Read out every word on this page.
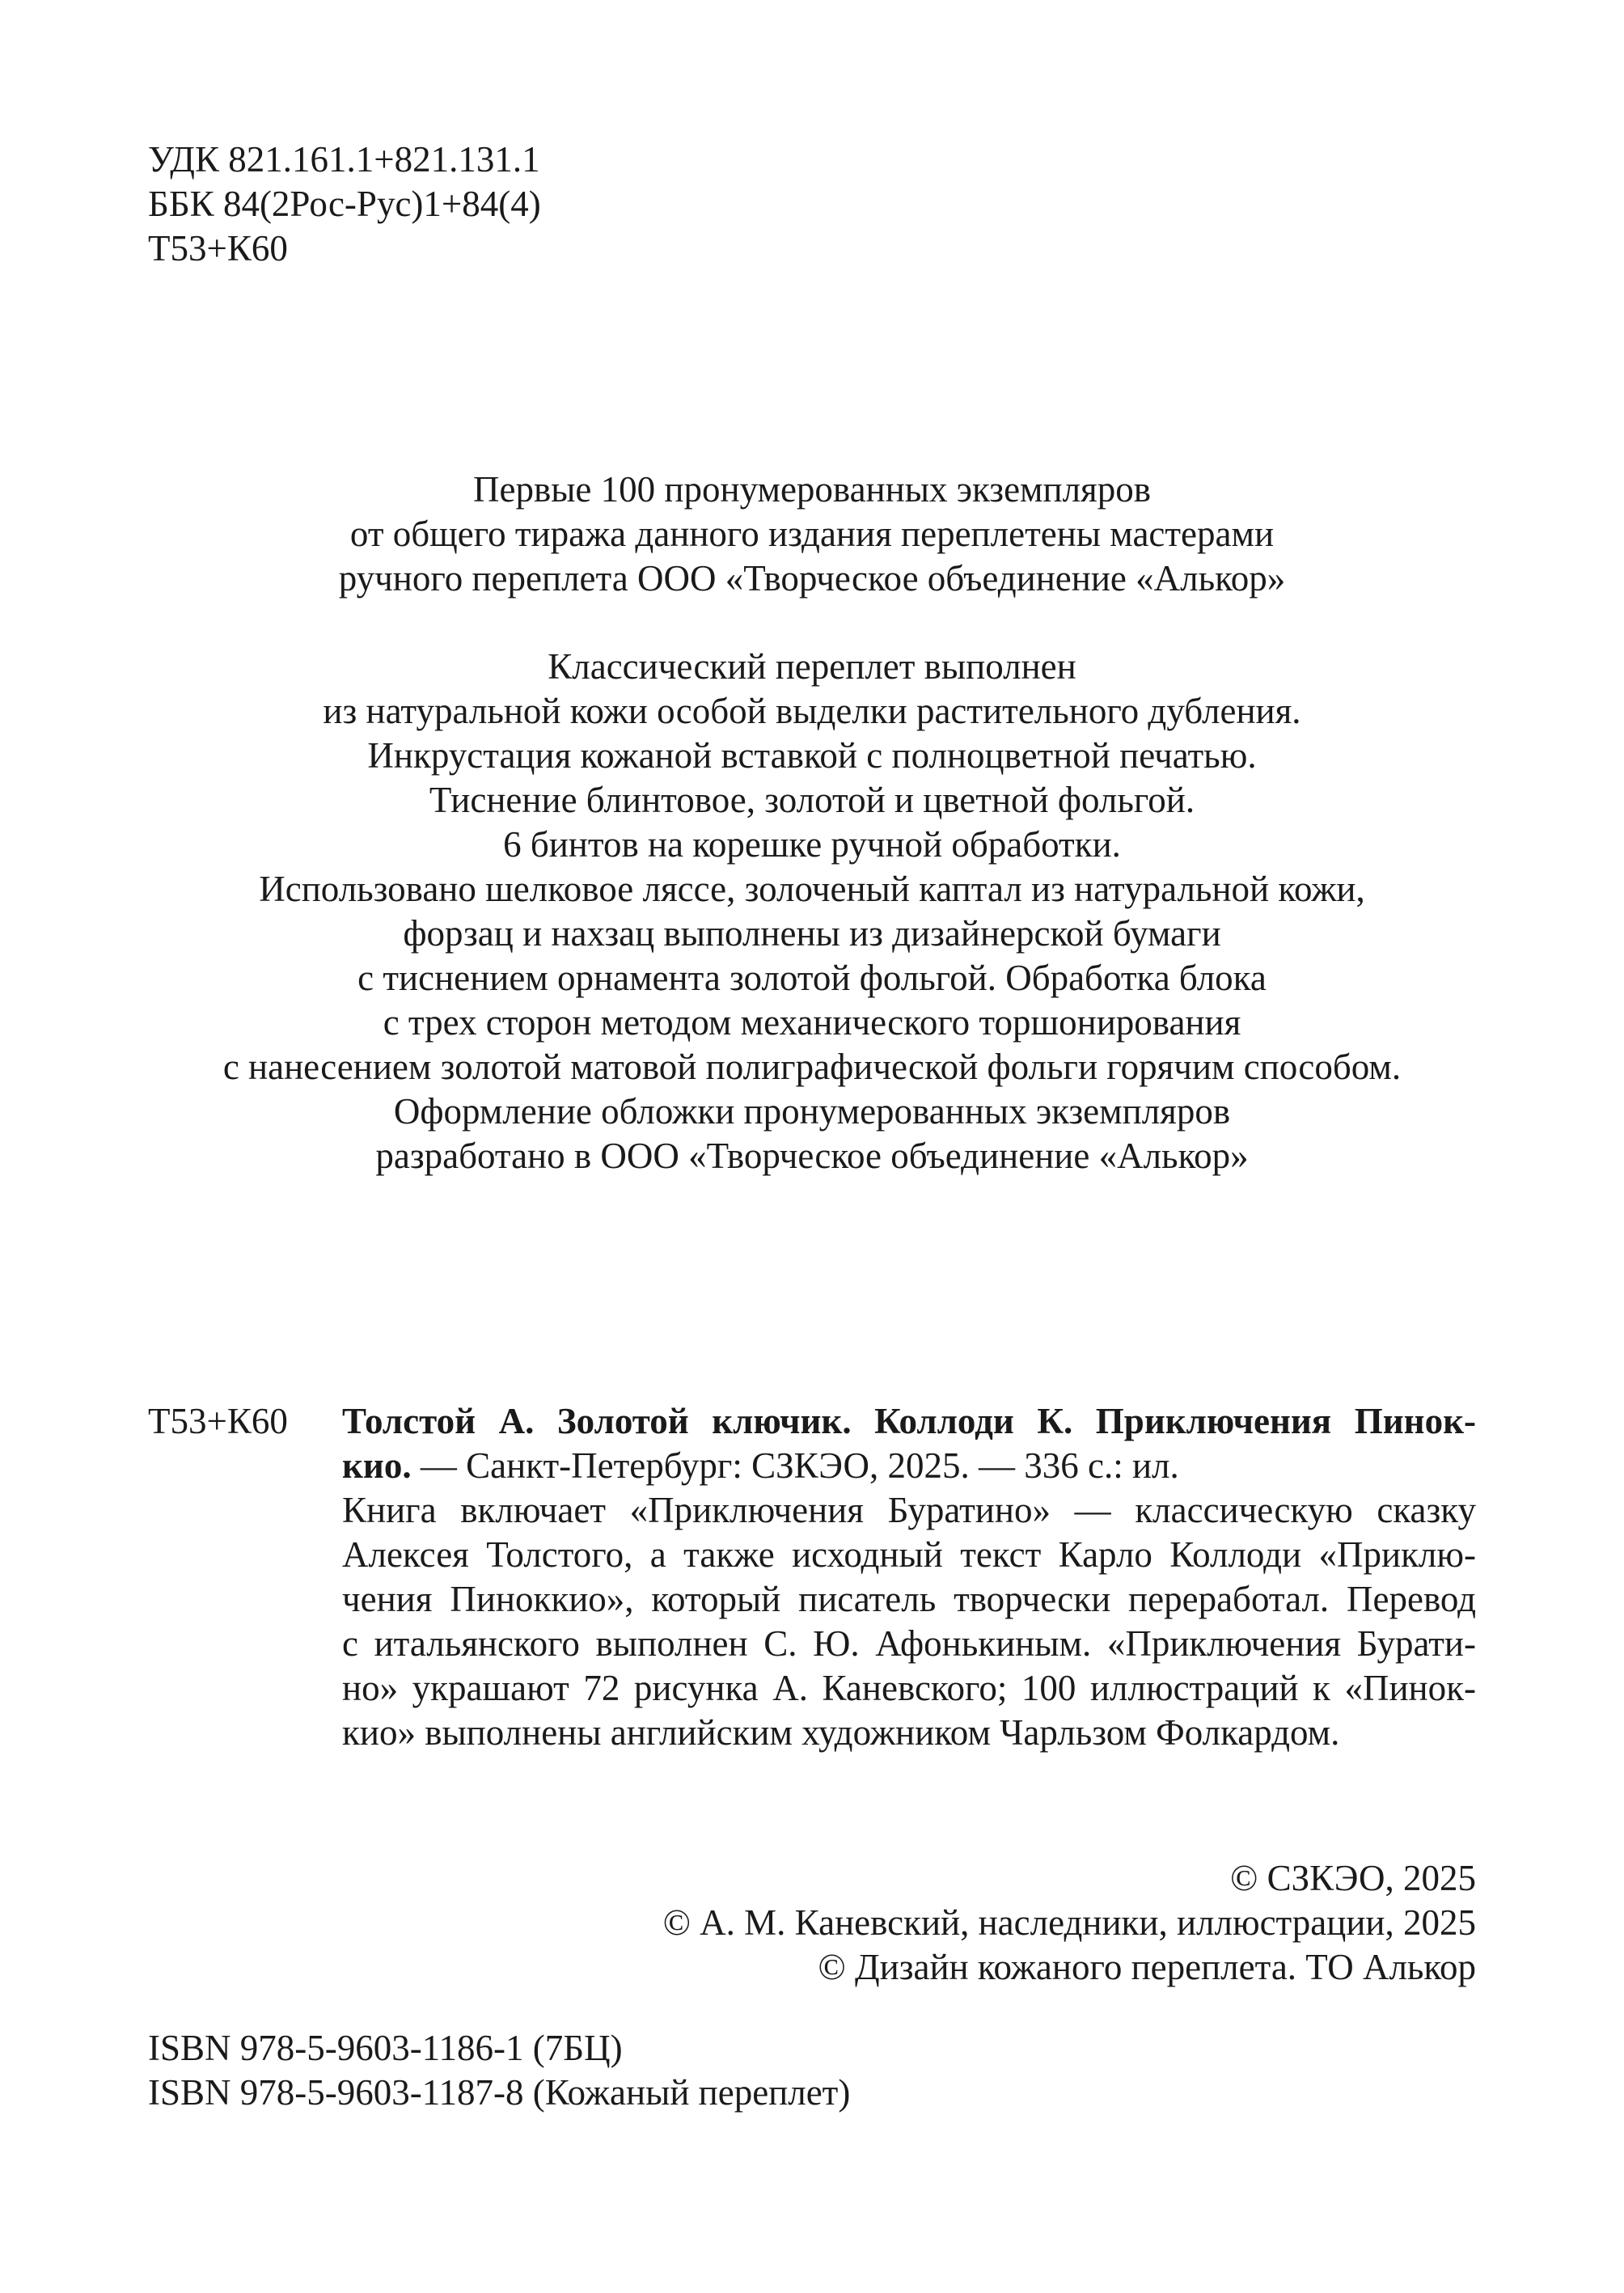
УДК 821.161.1+821.131.1
ББК 84(2Рос-Рус)1+84(4)
Т53+К60
Первые 100 пронумерованных экземпляров
от общего тиража данного издания переплетены мастерами
ручного переплета ООО «Творческое объединение «Алькор»
Классический переплет выполнен
из натуральной кожи особой выделки растительного дубления.
Инкрустация кожаной вставкой с полноцветной печатью.
Тиснение блинтовое, золотой и цветной фольгой.
6 бинтов на корешке ручной обработки.
Использовано шелковое ляссе, золоченый каптал из натуральной кожи,
форзац и нахзац выполнены из дизайнерской бумаги
с тиснением орнамента золотой фольгой. Обработка блока
с трех сторон методом механического торшонирования
с нанесением золотой матовой полиграфической фольги горячим способом.
Оформление обложки пронумерованных экземпляров
разработано в ООО «Творческое объединение «Алькор»
Т53+К60 Толстой А. Золотой ключик. Коллоди К. Приключения Пинок-
кио. — Санкт-Петербург: СЗКЭО, 2025. — 336 с.: ил.
Книга включает «Приключения Буратино» — классическую сказку
Алексея Толстого, а также исходный текст Карло Коллоди «Приклю-
чения Пиноккио», который писатель творчески переработал. Перевод
с итальянского выполнен С. Ю. Афонькиным. «Приключения Бурати-
но» украшают 72 рисунка А. Каневского; 100 иллюстраций к «Пинок-
кио» выполнены английским художником Чарльзом Фолкардом.
© СЗКЭО, 2025
© А. М. Каневский, наследники, иллюстрации, 2025
© Дизайн кожаного переплета. ТО Алькор
ISBN 978-5-9603-1186-1 (7БЦ)
ISBN 978-5-9603-1187-8 (Кожаный переплет)
